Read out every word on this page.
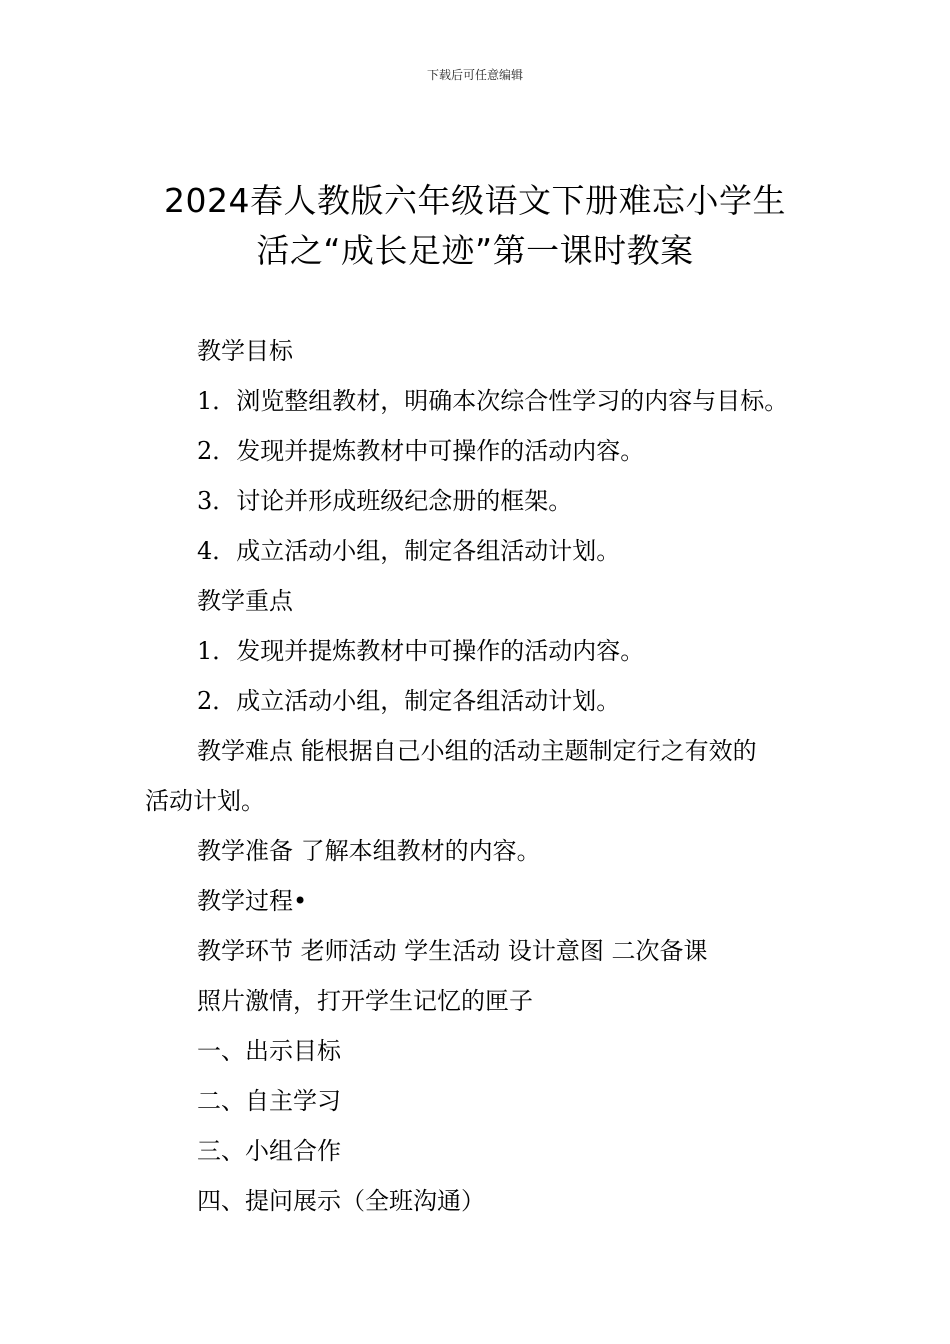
下载后可任意编辑
2024春人教版六年级语文下册难忘小学生
活之“成长足迹”第一课时教案
教学目标
1．浏览整组教材，明确本次综合性学习的内容与目标。
2．发现并提炼教材中可操作的活动内容。
3．讨论并形成班级纪念册的框架。
4．成立活动小组，制定各组活动计划。
教学重点
1．发现并提炼教材中可操作的活动内容。
2．成立活动小组，制定各组活动计划。
教学难点 能根据自己小组的活动主题制定行之有效的
活动计划。
教学准备 了解本组教材的内容。
教学过程•
教学环节 老师活动 学生活动 设计意图 二次备课
照片激情，打开学生记忆的匣子
一、出示目标
二、自主学习
三、小组合作
四、提问展示（全班沟通）
